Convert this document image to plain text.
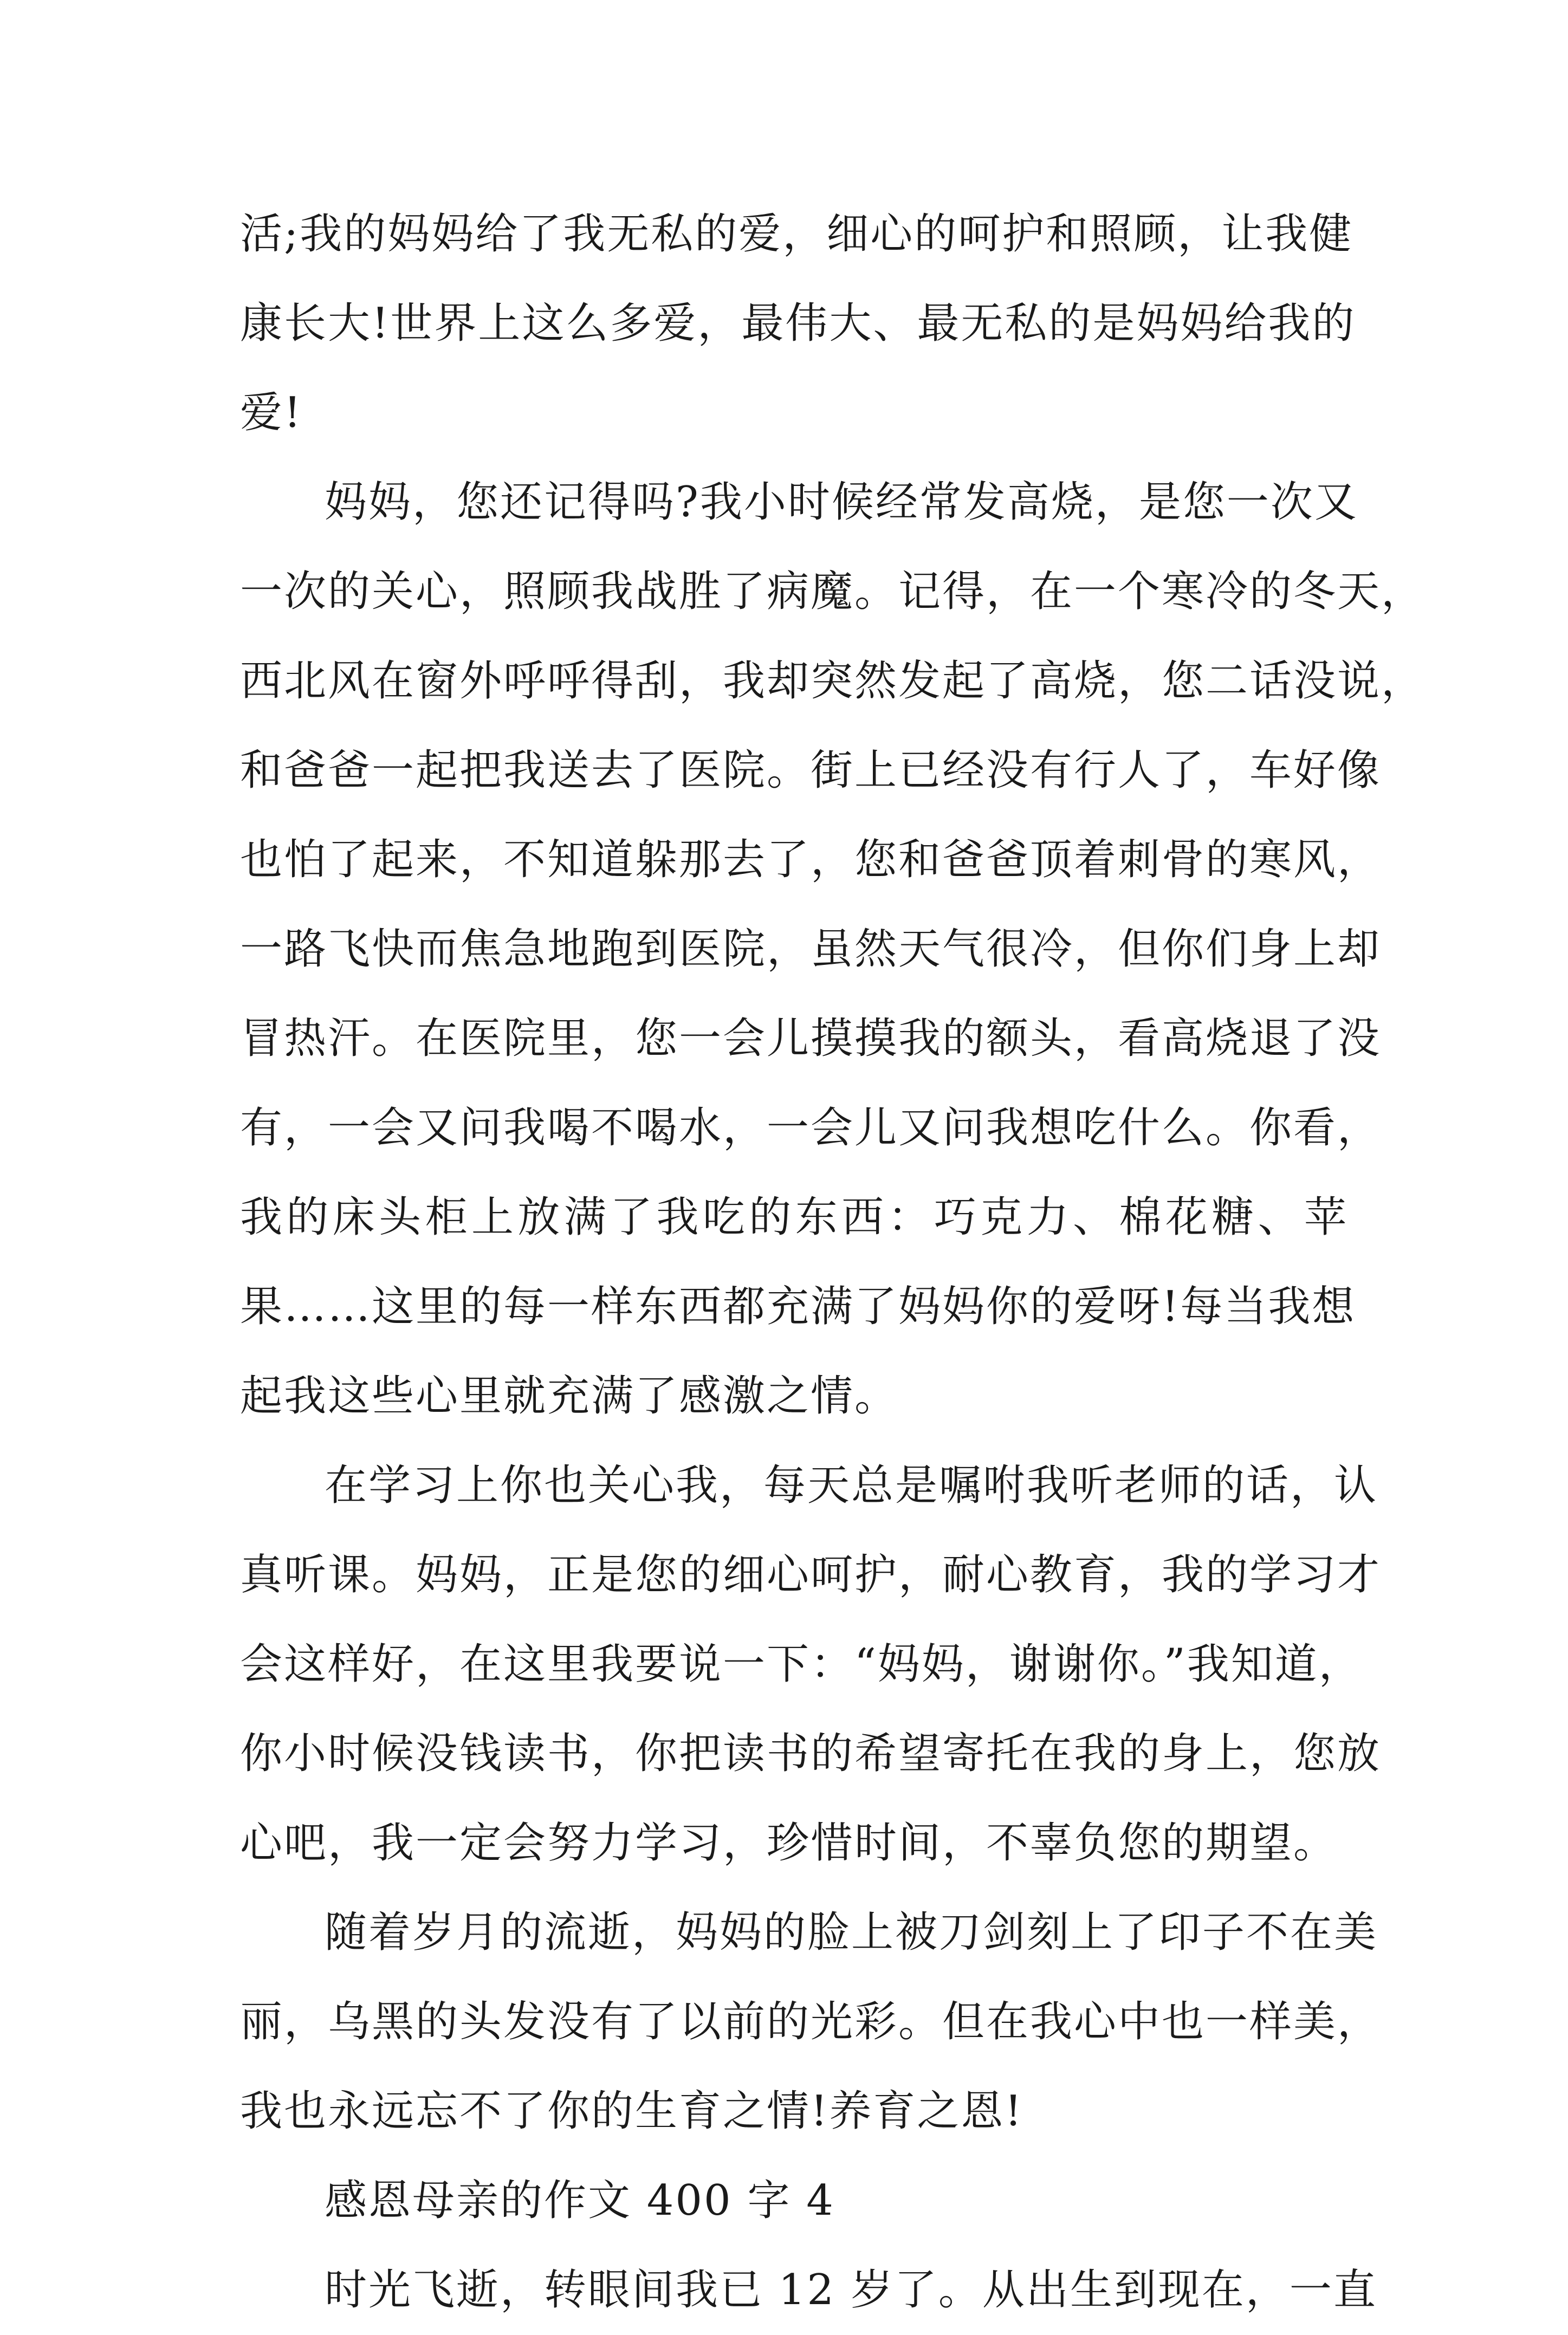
活;我的妈妈给了我无私的爱，细心的呵护和照顾，让我健
康长大!世界上这么多爱，最伟大、最无私的是妈妈给我的
爱!

妈妈，您还记得吗?我小时候经常发高烧，是您一次又
一次的关心，照顾我战胜了病魔。记得，在一个寒冷的冬天，
西北风在窗外呼呼得刮，我却突然发起了高烧，您二话没说，
和爸爸一起把我送去了医院。街上已经没有行人了，车好像
也怕了起来，不知道躲那去了，您和爸爸顶着刺骨的寒风，
一路飞快而焦急地跑到医院，虽然天气很冷，但你们身上却
冒热汗。在医院里，您一会儿摸摸我的额头，看高烧退了没
有，一会又问我喝不喝水，一会儿又问我想吃什么。你看，
我的床头柜上放满了我吃的东西：巧克力、棉花糖、苹
果……这里的每一样东西都充满了妈妈你的爱呀!每当我想
起我这些心里就充满了感激之情。

在学习上你也关心我，每天总是嘱咐我听老师的话，认
真听课。妈妈，正是您的细心呵护，耐心教育，我的学习才
会这样好，在这里我要说一下：“妈妈，谢谢你。”我知道，
你小时候没钱读书，你把读书的希望寄托在我的身上，您放
心吧，我一定会努力学习，珍惜时间，不辜负您的期望。

随着岁月的流逝，妈妈的脸上被刀剑刻上了印子不在美
丽，乌黑的头发没有了以前的光彩。但在我心中也一样美，
我也永远忘不了你的生育之情!养育之恩!

感恩母亲的作文 400 字 4

时光飞逝，转眼间我已 12 岁了。从出生到现在，一直
